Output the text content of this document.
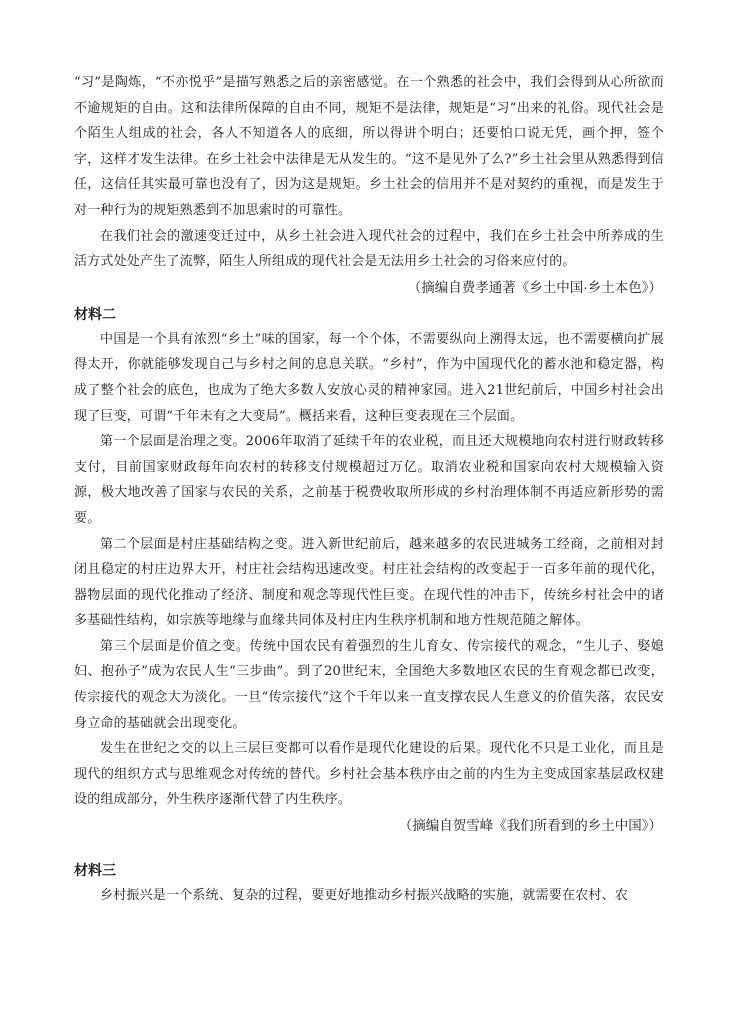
“习”是陶炼，“不亦悦乎”是描写熟悉之后的亲密感觉。在一个熟悉的社会中，我们会得到从心所欲而不逾规矩的自由。这和法律所保障的自由不同，规矩不是法律，规矩是“习”出来的礼俗。现代社会是个陌生人组成的社会，各人不知道各人的底细，所以得讲个明白；还要怕口说无凭，画个押，签个字，这样才发生法律。在乡土社会中法律是无从发生的。“这不是见外了么?”乡土社会里从熟悉得到信任，这信任其实最可靠也没有了，因为这是规矩。乡土社会的信用并不是对契约的重视，而是发生于对一种行为的规矩熟悉到不加思索时的可靠性。

在我们社会的激速变迁过中，从乡土社会进入现代社会的过程中，我们在乡土社会中所养成的生活方式处处产生了流弊，陌生人所组成的现代社会是无法用乡土社会的习俗来应付的。

（摘编自费孝通著《乡土中国·乡土本色》）

材料二

中国是一个具有浓烈“乡土”味的国家，每一个个体，不需要纵向上溯得太远，也不需要横向扩展得太开，你就能够发现自己与乡村之间的息息关联。“乡村”，作为中国现代化的蓄水池和稳定器，构成了整个社会的底色，也成为了绝大多数人安放心灵的精神家园。进入21世纪前后，中国乡村社会出现了巨变，可谓“千年未有之大变局”。概括来看，这种巨变表现在三个层面。

第一个层面是治理之变。2006年取消了延续千年的农业税，而且还大规模地向农村进行财政转移支付，目前国家财政每年向农村的转移支付规模超过万亿。取消农业税和国家向农村大规模输入资源，极大地改善了国家与农民的关系，之前基于税费收取所形成的乡村治理体制不再适应新形势的需要。

第二个层面是村庄基础结构之变。进入新世纪前后，越来越多的农民进城务工经商，之前相对封闭且稳定的村庄边界大开，村庄社会结构迅速改变。村庄社会结构的改变起于一百多年前的现代化，器物层面的现代化推动了经济、制度和观念等现代性巨变。在现代性的冲击下，传统乡村社会中的诸多基础性结构，如宗族等地缘与血缘共同体及村庄内生秩序机制和地方性规范随之解体。

第三个层面是价值之变。传统中国农民有着强烈的生儿育女、传宗接代的观念，“生儿子、娶媳妇、抱孙子”成为农民人生“三步曲”。到了20世纪末，全国绝大多数地区农民的生育观念都已改变，传宗接代的观念大为淡化。一旦“传宗接代”这个千年以来一直支撑农民人生意义的价值失落，农民安身立命的基础就会出现变化。

发生在世纪之交的以上三层巨变都可以看作是现代化建设的后果。现代化不只是工业化，而且是现代的组织方式与思维观念对传统的替代。乡村社会基本秩序由之前的内生为主变成国家基层政权建设的组成部分，外生秩序逐渐代替了内生秩序。

（摘编自贺雪峰《我们所看到的乡土中国》）

材料三

乡村振兴是一个系统、复杂的过程，要更好地推动乡村振兴战略的实施，就需要在农村、农
